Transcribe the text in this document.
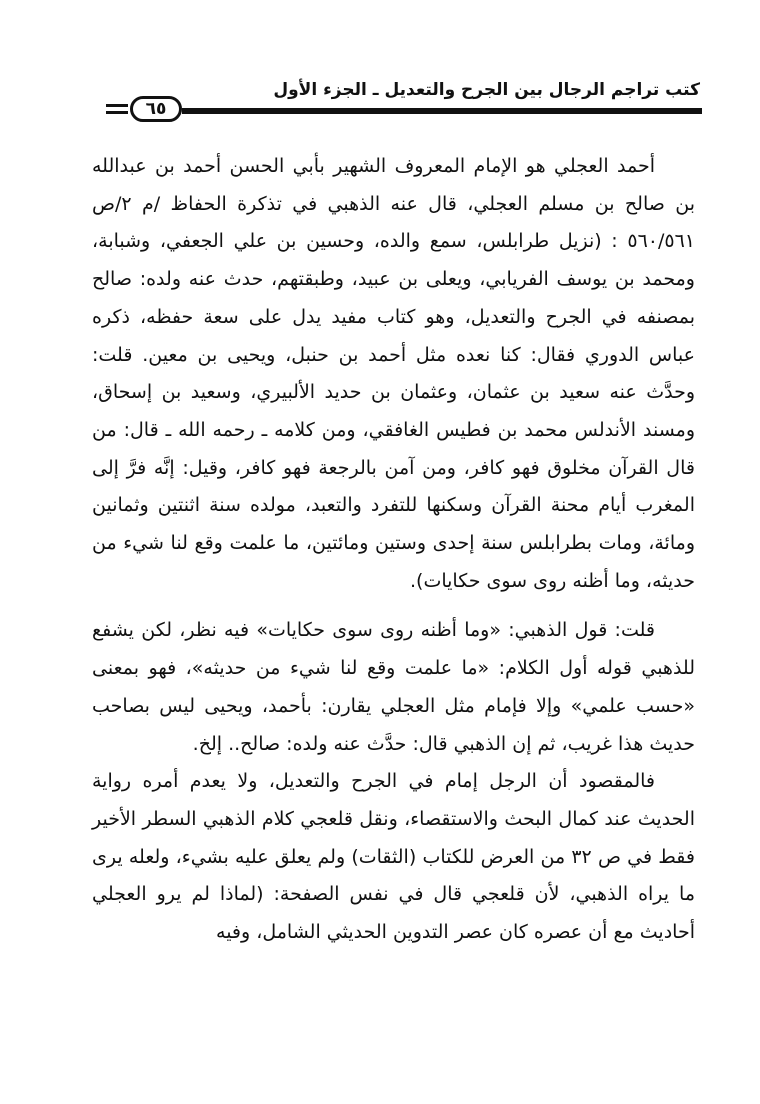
كتب تراجم الرجال بين الجرح والتعديل ـ الجزء الأول
٦٥

أحمد العجلي هو الإمام المعروف الشهير بأبي الحسن أحمد بن عبدالله بن صالح بن مسلم العجلي، قال عنه الذهبي في تذكرة الحفاظ /م ٢/ص ٥٦٠/٥٦١ : (نزيل طرابلس، سمع والده، وحسين بن علي الجعفي، وشبابة، ومحمد بن يوسف الفريابي، ويعلى بن عبيد، وطبقتهم، حدث عنه ولده: صالح بمصنفه في الجرح والتعديل، وهو كتاب مفيد يدل على سعة حفظه، ذكره عباس الدوري فقال: كنا نعده مثل أحمد بن حنبل، ويحيى بن معين. قلت: وحدَّث عنه سعيد بن عثمان، وعثمان بن حديد الألبيري، وسعيد بن إسحاق، ومسند الأندلس محمد بن فطيس الغافقي، ومن كلامه ـ رحمه الله ـ قال: من قال القرآن مخلوق فهو كافر، ومن آمن بالرجعة فهو كافر، وقيل: إنَّه فرَّ إلى المغرب أيام محنة القرآن وسكنها للتفرد والتعبد، مولده سنة اثنتين وثمانين ومائة، ومات بطرابلس سنة إحدى وستين ومائتين، ما علمت وقع لنا شيء من حديثه، وما أظنه روى سوى حكايات).

قلت: قول الذهبي: «وما أظنه روى سوى حكايات» فيه نظر، لكن يشفع للذهبي قوله أول الكلام: «ما علمت وقع لنا شيء من حديثه»، فهو بمعنى «حسب علمي» وإلا فإمام مثل العجلي يقارن: بأحمد، ويحيى ليس بصاحب حديث هذا غريب، ثم إن الذهبي قال: حدَّث عنه ولده: صالح.. إلخ.

فالمقصود أن الرجل إمام في الجرح والتعديل، ولا يعدم أمره رواية الحديث عند كمال البحث والاستقصاء، ونقل قلعجي كلام الذهبي السطر الأخير فقط في ص ٣٢ من العرض للكتاب (الثقات) ولم يعلق عليه بشيء، ولعله يرى ما يراه الذهبي، لأن قلعجي قال في نفس الصفحة: (لماذا لم يرو العجلي أحاديث مع أن عصره كان عصر التدوين الحديثي الشامل، وفيه
